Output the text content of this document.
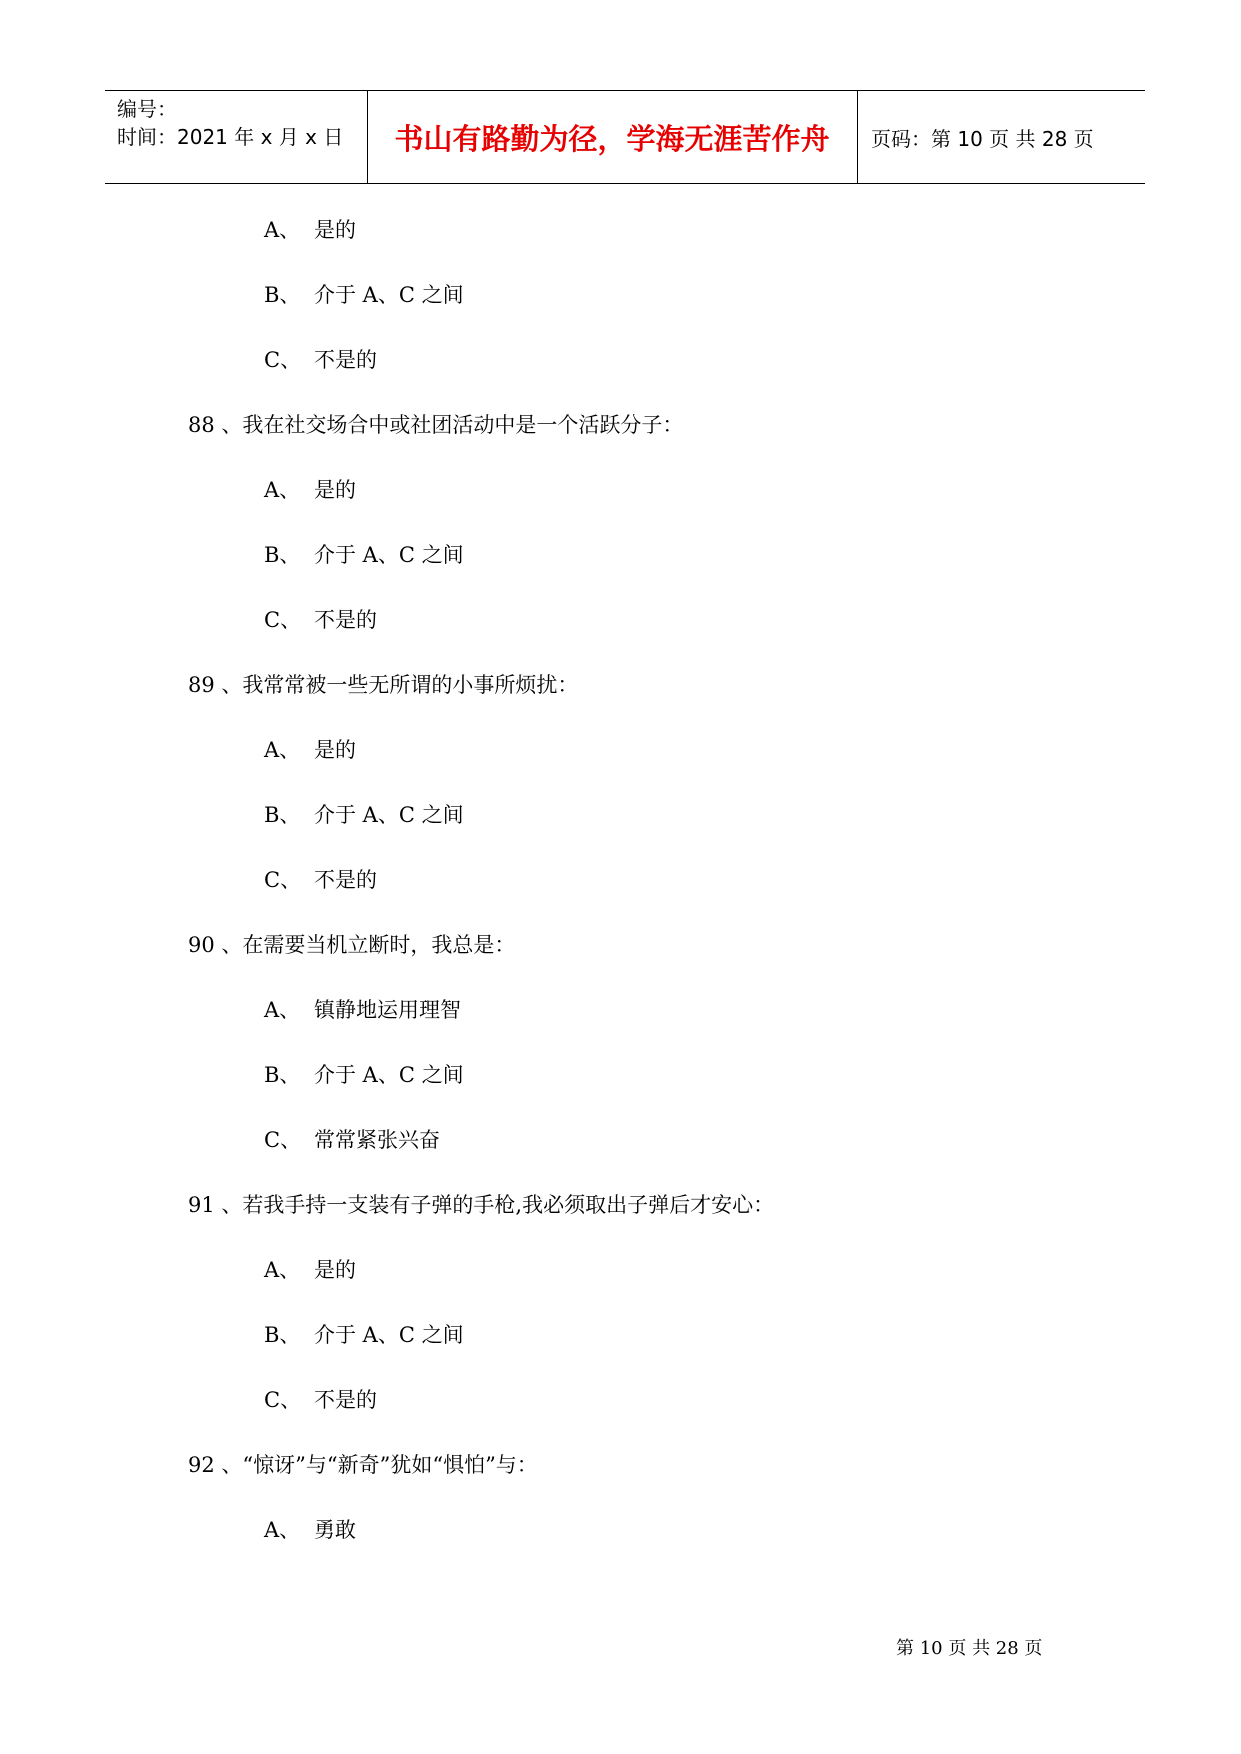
编号：
时间：2021 年 x 月 x 日	书山有路勤为径，学海无涯苦作舟	页码：第 10 页 共 28 页
A、 是的
B、 介于 A、C 之间
C、 不是的
88 、我在社交场合中或社团活动中是一个活跃分子：
A、 是的
B、 介于 A、C 之间
C、 不是的
89 、我常常被一些无所谓的小事所烦扰：
A、 是的
B、 介于 A、C 之间
C、 不是的
90 、在需要当机立断时，我总是：
A、 镇静地运用理智
B、 介于 A、C 之间
C、 常常紧张兴奋
91 、若我手持一支装有子弹的手枪,我必须取出子弹后才安心：
A、 是的
B、 介于 A、C 之间
C、 不是的
92 、“惊讶”与“新奇”犹如“惧怕”与：
A、 勇敢
第 10 页 共 28 页
